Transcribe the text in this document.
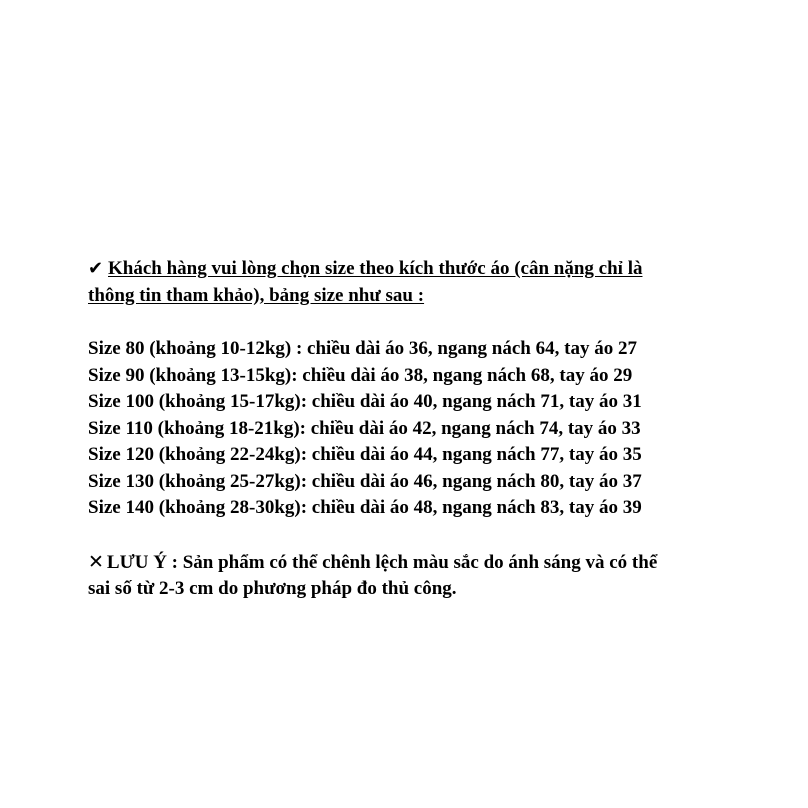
✔ Khách hàng vui lòng chọn size theo kích thước áo (cân nặng chỉ là
thông tin tham khảo), bảng size như sau :
Size 80 (khoảng 10-12kg) : chiều dài áo 36, ngang nách 64, tay áo 27
Size 90 (khoảng 13-15kg): chiều dài áo 38, ngang nách 68, tay áo 29
Size 100 (khoảng 15-17kg): chiều dài áo 40, ngang nách 71, tay áo 31
Size 110 (khoảng 18-21kg): chiều dài áo 42, ngang nách 74, tay áo 33
Size 120 (khoảng 22-24kg): chiều dài áo 44, ngang nách 77, tay áo 35
Size 130 (khoảng 25-27kg): chiều dài áo 46, ngang nách 80, tay áo 37
Size 140 (khoảng 28-30kg): chiều dài áo 48, ngang nách 83, tay áo 39
✕ LƯU Ý : Sản phẩm có thể chênh lệch màu sắc do ánh sáng và có thể
sai số từ 2-3 cm do phương pháp đo thủ công.
